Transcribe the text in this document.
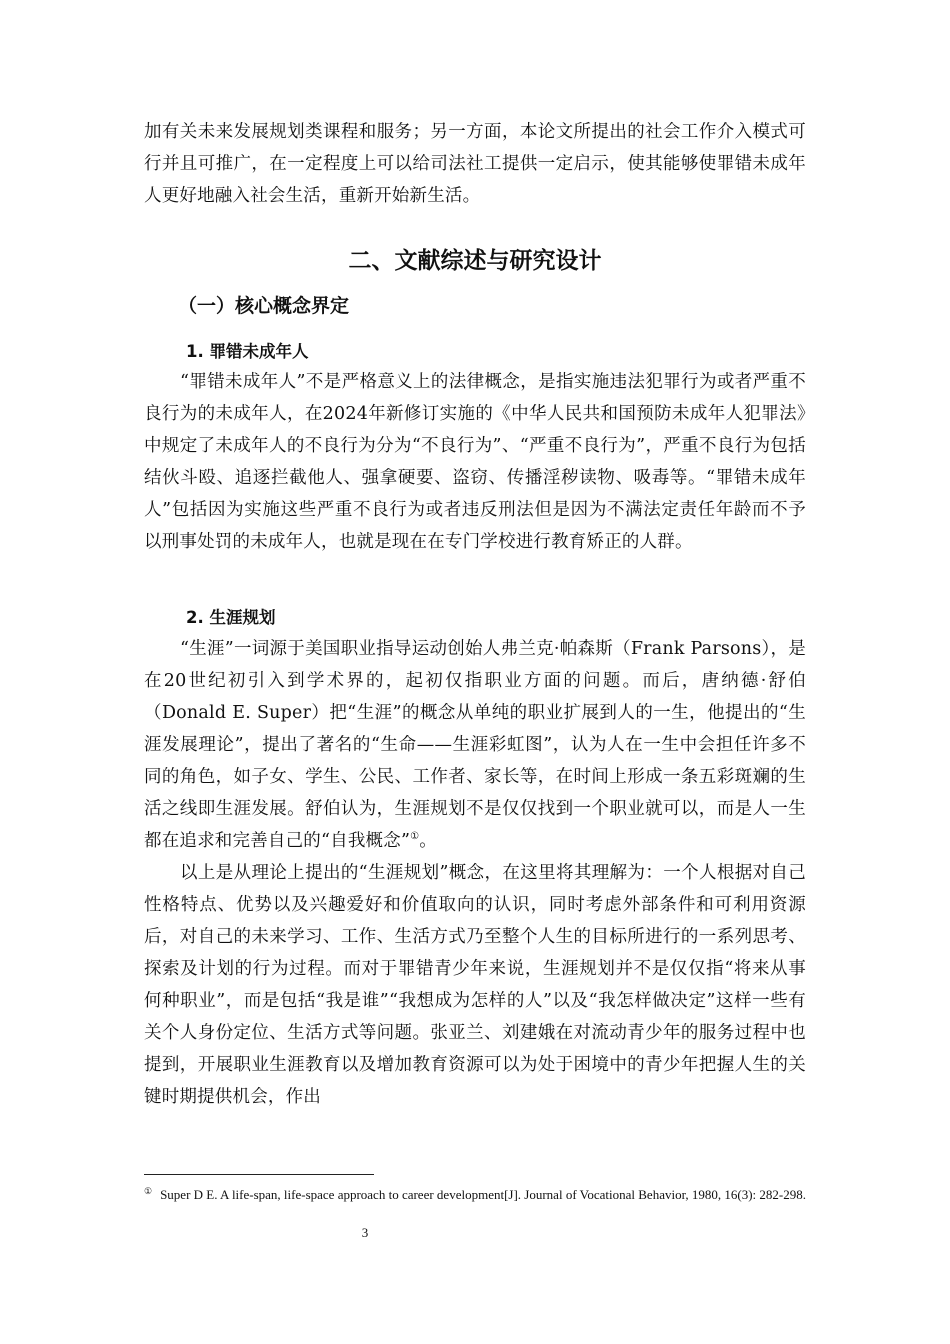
加有关未来发展规划类课程和服务；另一方面，本论文所提出的社会工作介入模式可行并且可推广，在一定程度上可以给司法社工提供一定启示，使其能够使罪错未成年人更好地融入社会生活，重新开始新生活。

二、文献综述与研究设计
（一）核心概念界定
1. 罪错未成年人

“罪错未成年人”不是严格意义上的法律概念，是指实施违法犯罪行为或者严重不良行为的未成年人，在2024年新修订实施的《中华人民共和国预防未成年人犯罪法》中规定了未成年人的不良行为分为“不良行为”、“严重不良行为”，严重不良行为包括结伙斗殴、追逐拦截他人、强拿硬要、盗窃、传播淫秽读物、吸毒等。“罪错未成年人”包括因为实施这些严重不良行为或者违反刑法但是因为不满法定责任年龄而不予以刑事处罚的未成年人，也就是现在在专门学校进行教育矫正的人群。

2. 生涯规划

“生涯”一词源于美国职业指导运动创始人弗兰克·帕森斯（Frank Parsons），是在20世纪初引入到学术界的，起初仅指职业方面的问题。而后，唐纳德·舒伯（Donald E. Super）把“生涯”的概念从单纯的职业扩展到人的一生，他提出的“生涯发展理论”，提出了著名的“生命——生涯彩虹图”，认为人在一生中会担任许多不同的角色，如子女、学生、公民、工作者、家长等，在时间上形成一条五彩斑斓的生活之线即生涯发展。舒伯认为，生涯规划不是仅仅找到一个职业就可以，而是人一生都在追求和完善自己的“自我概念”①。

以上是从理论上提出的“生涯规划”概念，在这里将其理解为：一个人根据对自己性格特点、优势以及兴趣爱好和价值取向的认识，同时考虑外部条件和可利用资源后，对自己的未来学习、工作、生活方式乃至整个人生的目标所进行的一系列思考、探索及计划的行为过程。而对于罪错青少年来说，生涯规划并不是仅仅指“将来从事何种职业”，而是包括“我是谁”“我想成为怎样的人”以及“我怎样做决定”这样一些有关个人身份定位、生活方式等问题。张亚兰、刘建娥在对流动青少年的服务过程中也提到，开展职业生涯教育以及增加教育资源可以为处于困境中的青少年把握人生的关键时期提供机会，作出

① Super D E. A life-span, life-space approach to career development[J]. Journal of Vocational Behavior, 1980, 16(3): 282-298.
3
